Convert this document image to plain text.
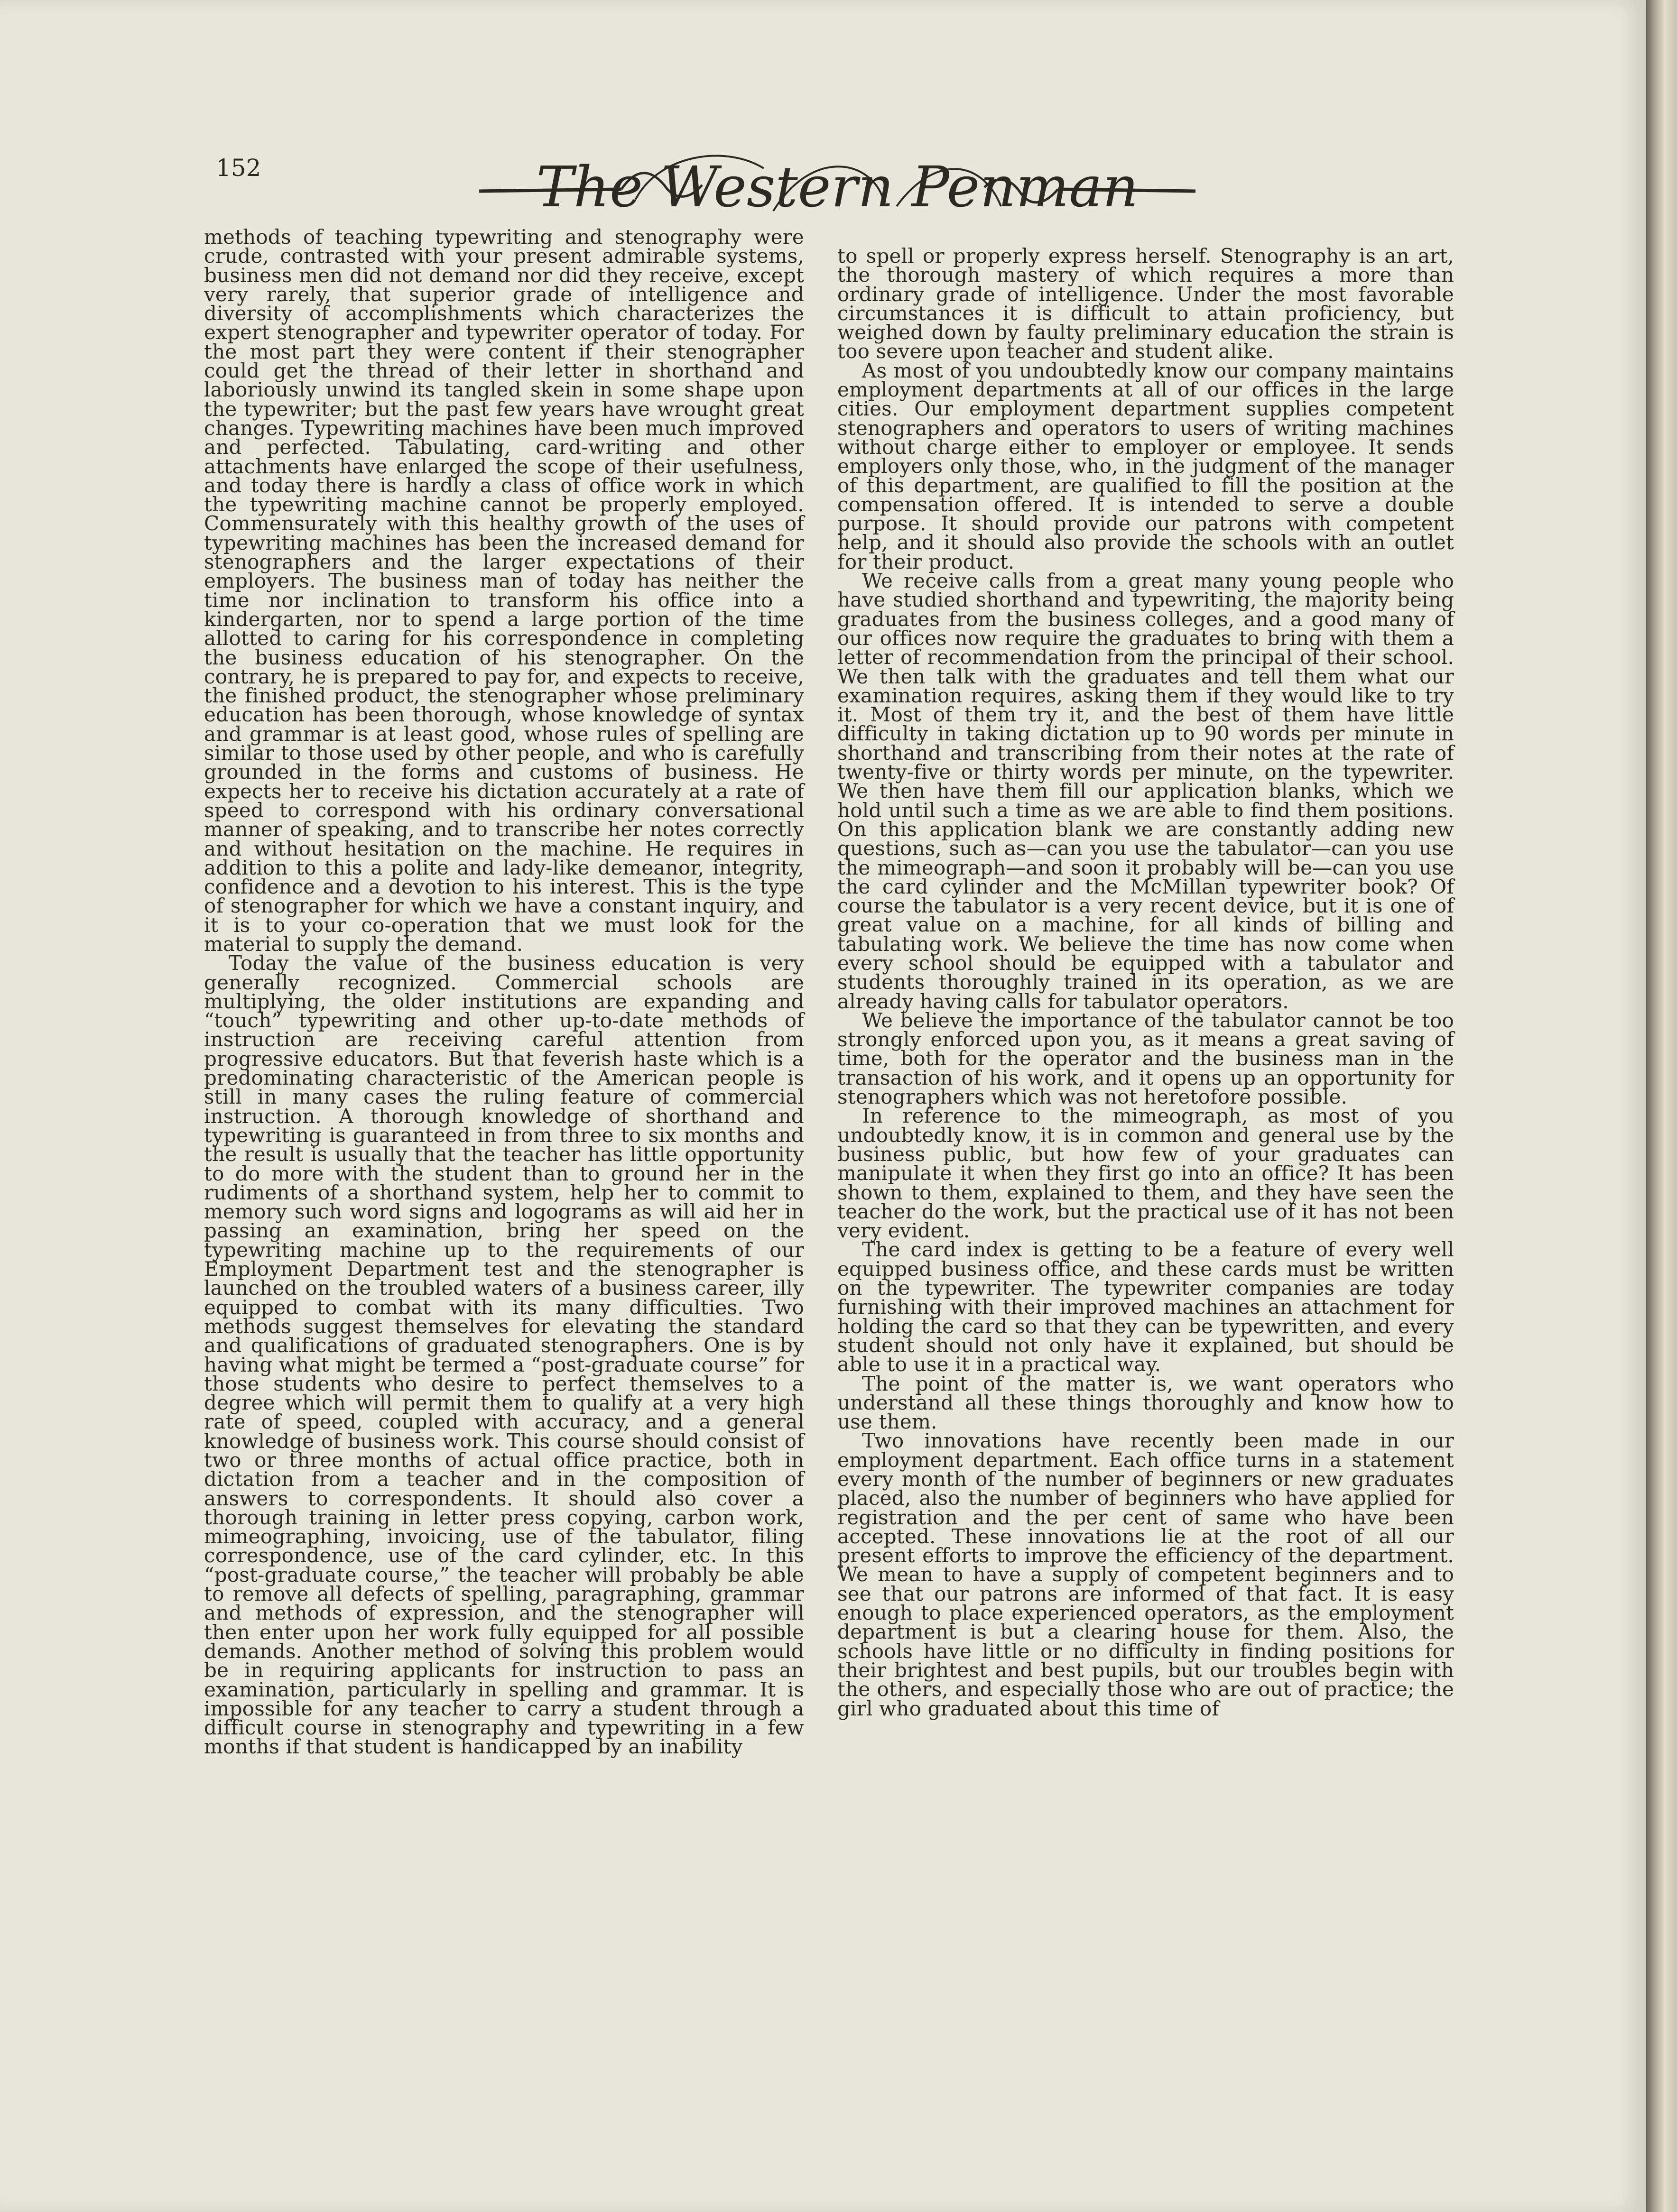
152	The Western Penman

methods of teaching typewriting and stenography were crude, contrasted with your present admirable systems, business men did not demand nor did they receive, except very rarely, that superior grade of intelligence and diversity of accomplishments which characterizes the expert stenographer and typewriter operator of today. For the most part they were content if their stenographer could get the thread of their letter in shorthand and laboriously unwind its tangled skein in some shape upon the typewriter; but the past few years have wrought great changes. Typewriting machines have been much improved and perfected. Tabulating, card-writing and other attachments have enlarged the scope of their usefulness, and today there is hardly a class of office work in which the typewriting machine cannot be properly employed. Commensurately with this healthy growth of the uses of typewriting machines has been the increased demand for stenographers and the larger expectations of their employers. The business man of today has neither the time nor inclination to transform his office into a kindergarten, nor to spend a large portion of the time allotted to caring for his correspondence in completing the business education of his stenographer. On the contrary, he is prepared to pay for, and expects to receive, the finished product, the stenographer whose preliminary education has been thorough, whose knowledge of syntax and grammar is at least good, whose rules of spelling are similar to those used by other people, and who is carefully grounded in the forms and customs of business. He expects her to receive his dictation accurately at a rate of speed to correspond with his ordinary conversational manner of speaking, and to transcribe her notes correctly and without hesitation on the machine. He requires in addition to this a polite and lady-like demeanor, integrity, confidence and a devotion to his interest. This is the type of stenographer for which we have a constant inquiry, and it is to your co-operation that we must look for the material to supply the demand.

Today the value of the business education is very generally recognized. Commercial schools are multiplying, the older institutions are expanding and “touch” typewriting and other up-to-date methods of instruction are receiving careful attention from progressive educators. But that feverish haste which is a predominating characteristic of the American people is still in many cases the ruling feature of commercial instruction. A thorough knowledge of shorthand and typewriting is guaranteed in from three to six months and the result is usually that the teacher has little opportunity to do more with the student than to ground her in the rudiments of a shorthand system, help her to commit to memory such word signs and logograms as will aid her in passing an examination, bring her speed on the typewriting machine up to the requirements of our Employment Department test and the stenographer is launched on the troubled waters of a business career, illy equipped to combat with its many difficulties. Two methods suggest themselves for elevating the standard and qualifications of graduated stenographers. One is by having what might be termed a “post-graduate course” for those students who desire to perfect themselves to a degree which will permit them to qualify at a very high rate of speed, coupled with accuracy, and a general knowledge of business work. This course should consist of two or three months of actual office practice, both in dictation from a teacher and in the composition of answers to correspondents. It should also cover a thorough training in letter press copying, carbon work, mimeographing, invoicing, use of the tabulator, filing correspondence, use of the card cylinder, etc. In this “post-graduate course,” the teacher will probably be able to remove all defects of spelling, paragraphing, grammar and methods of expression, and the stenographer will then enter upon her work fully equipped for all possible demands. Another method of solving this problem would be in requiring applicants for instruction to pass an examination, particularly in spelling and grammar. It is impossible for any teacher to carry a student through a difficult course in stenography and typewriting in a few months if that student is handicapped by an inability

to spell or properly express herself. Stenography is an art, the thorough mastery of which requires a more than ordinary grade of intelligence. Under the most favorable circumstances it is difficult to attain proficiency, but weighed down by faulty preliminary education the strain is too severe upon teacher and student alike.

As most of you undoubtedly know our company maintains employment departments at all of our offices in the large cities. Our employment department supplies competent stenographers and operators to users of writing machines without charge either to employer or employee. It sends employers only those, who, in the judgment of the manager of this department, are qualified to fill the position at the compensation offered. It is intended to serve a double purpose. It should provide our patrons with competent help, and it should also provide the schools with an outlet for their product.

We receive calls from a great many young people who have studied shorthand and typewriting, the majority being graduates from the business colleges, and a good many of our offices now require the graduates to bring with them a letter of recommendation from the principal of their school. We then talk with the graduates and tell them what our examination requires, asking them if they would like to try it. Most of them try it, and the best of them have little difficulty in taking dictation up to 90 words per minute in shorthand and transcribing from their notes at the rate of twenty-five or thirty words per minute, on the typewriter. We then have them fill our application blanks, which we hold until such a time as we are able to find them positions. On this application blank we are constantly adding new questions, such as—can you use the tabulator—can you use the mimeograph—and soon it probably will be—can you use the card cylinder and the McMillan typewriter book? Of course the tabulator is a very recent device, but it is one of great value on a machine, for all kinds of billing and tabulating work. We believe the time has now come when every school should be equipped with a tabulator and students thoroughly trained in its operation, as we are already having calls for tabulator operators.

We believe the importance of the tabulator cannot be too strongly enforced upon you, as it means a great saving of time, both for the operator and the business man in the transaction of his work, and it opens up an opportunity for stenographers which was not heretofore possible.

In reference to the mimeograph, as most of you undoubtedly know, it is in common and general use by the business public, but how few of your graduates can manipulate it when they first go into an office? It has been shown to them, explained to them, and they have seen the teacher do the work, but the practical use of it has not been very evident.

The card index is getting to be a feature of every well equipped business office, and these cards must be written on the typewriter. The typewriter companies are today furnishing with their improved machines an attachment for holding the card so that they can be typewritten, and every student should not only have it explained, but should be able to use it in a practical way.

The point of the matter is, we want operators who understand all these things thoroughly and know how to use them.

Two innovations have recently been made in our employment department. Each office turns in a statement every month of the number of beginners or new graduates placed, also the number of beginners who have applied for registration and the per cent of same who have been accepted. These innovations lie at the root of all our present efforts to improve the efficiency of the department. We mean to have a supply of competent beginners and to see that our patrons are informed of that fact. It is easy enough to place experienced operators, as the employment department is but a clearing house for them. Also, the schools have little or no difficulty in finding positions for their brightest and best pupils, but our troubles begin with the others, and especially those who are out of practice; the girl who graduated about this time of
